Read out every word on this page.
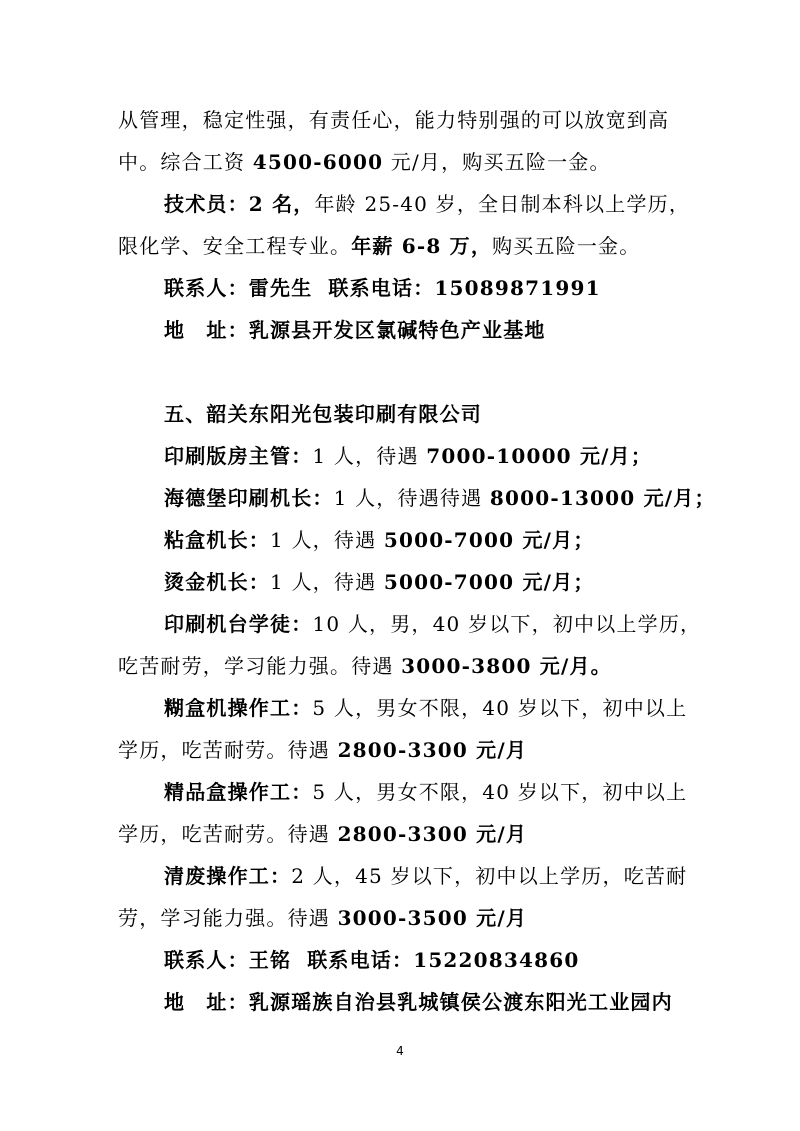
从管理，稳定性强，有责任心，能力特别强的可以放宽到高
中。综合工资 4500-6000 元/月，购买五险一金。
技术员：2 名，年龄 25-40 岁，全日制本科以上学历，
限化学、安全工程专业。年薪 6-8 万，购买五险一金。
联系人：雷先生 联系电话：15089871991
地　址：乳源县开发区氯碱特色产业基地
五、韶关东阳光包装印刷有限公司
印刷版房主管：1 人，待遇 7000-10000 元/月；
海德堡印刷机长：1 人，待遇待遇 8000-13000 元/月；
粘盒机长：1 人，待遇 5000-7000 元/月；
烫金机长：1 人，待遇 5000-7000 元/月；
印刷机台学徒：10 人，男，40 岁以下，初中以上学历，
吃苦耐劳，学习能力强。待遇 3000-3800 元/月。
糊盒机操作工：5 人，男女不限，40 岁以下，初中以上
学历，吃苦耐劳。待遇 2800-3300 元/月
精品盒操作工：5 人，男女不限，40 岁以下，初中以上
学历，吃苦耐劳。待遇 2800-3300 元/月
清废操作工：2 人，45 岁以下，初中以上学历，吃苦耐
劳，学习能力强。待遇 3000-3500 元/月
联系人：王铭 联系电话：15220834860
地　址：乳源瑶族自治县乳城镇侯公渡东阳光工业园内
4
